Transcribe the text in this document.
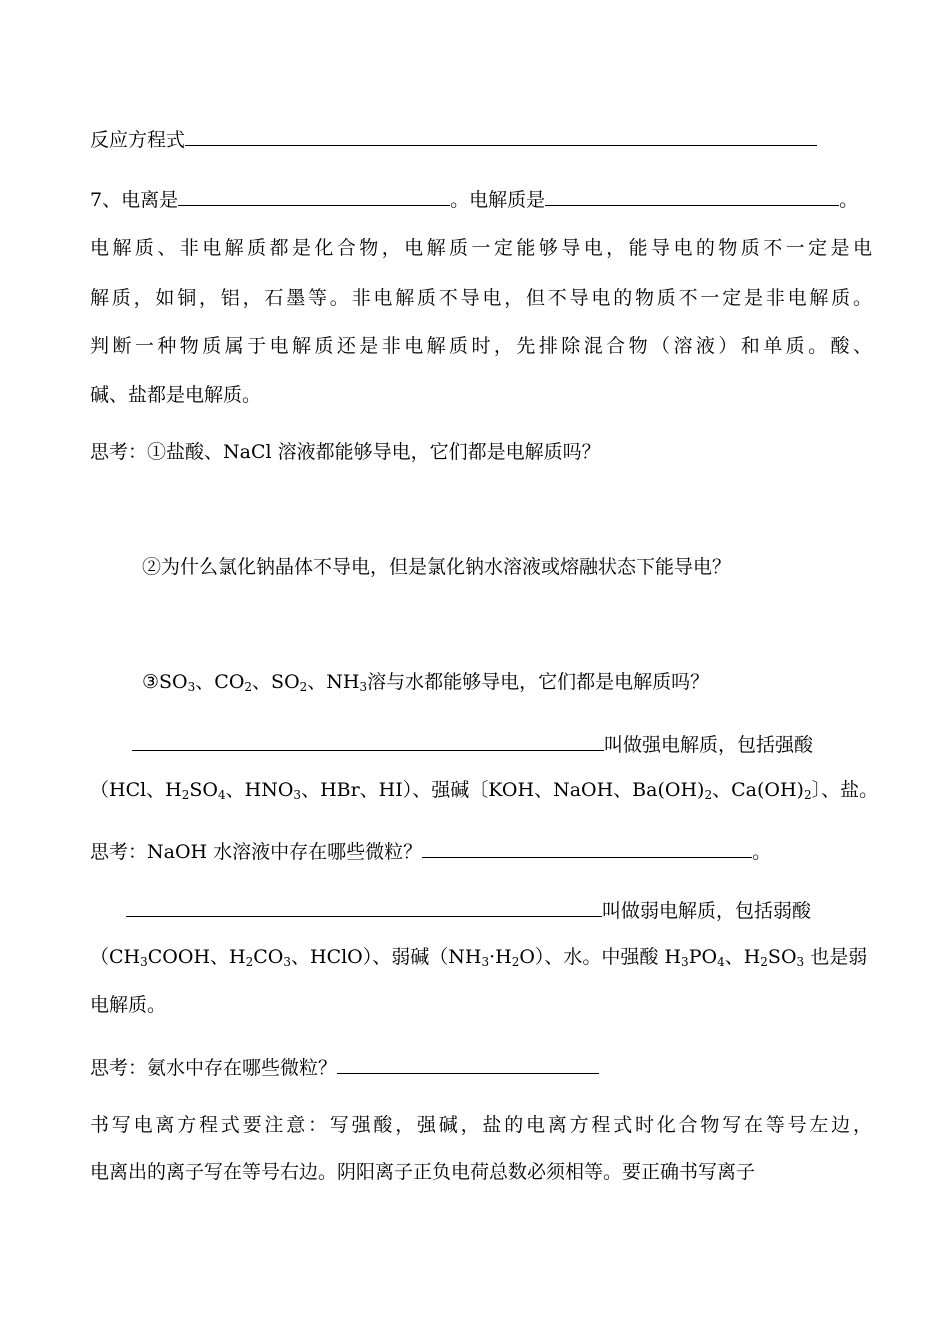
反应方程式
7、电离是	。电解质是	。
电解质、非电解质都是化合物，电解质一定能够导电，能导电的物质不一定是电
解质，如铜，铝，石墨等。非电解质不导电，但不导电的物质不一定是非电解质。
判断一种物质属于电解质还是非电解质时，先排除混合物（溶液）和单质。酸、
碱、盐都是电解质。
思考：①盐酸、NaCl 溶液都能够导电，它们都是电解质吗？
②为什么氯化钠晶体不导电，但是氯化钠水溶液或熔融状态下能导电？
$③SO_3$、$CO_2$、$SO_2$、$NH_3$溶与水都能够导电，它们都是电解质吗？
叫做强电解质，包括强酸
（HCl、$H_2SO_4$、$HNO_3$、HBr、HI）、强碱〔KOH、NaOH、$Ba(OH)_2$、$Ca(OH)_2$〕、盐。
思考：NaOH 水溶液中存在哪些微粒？	。
叫做弱电解质，包括弱酸
（$CH_3COOH$、$H_2CO_3$、HClO）、弱碱$(NH_3\cdot H_2O)$、水。中强酸 $H_3PO_4$、$H_2SO_3$ 也是弱
电解质。
思考：氨水中存在哪些微粒？
书写电离方程式要注意：写强酸，强碱，盐的电离方程式时化合物写在等号左边，
电离出的离子写在等号右边。阴阳离子正负电荷总数必须相等。要正确书写离子
